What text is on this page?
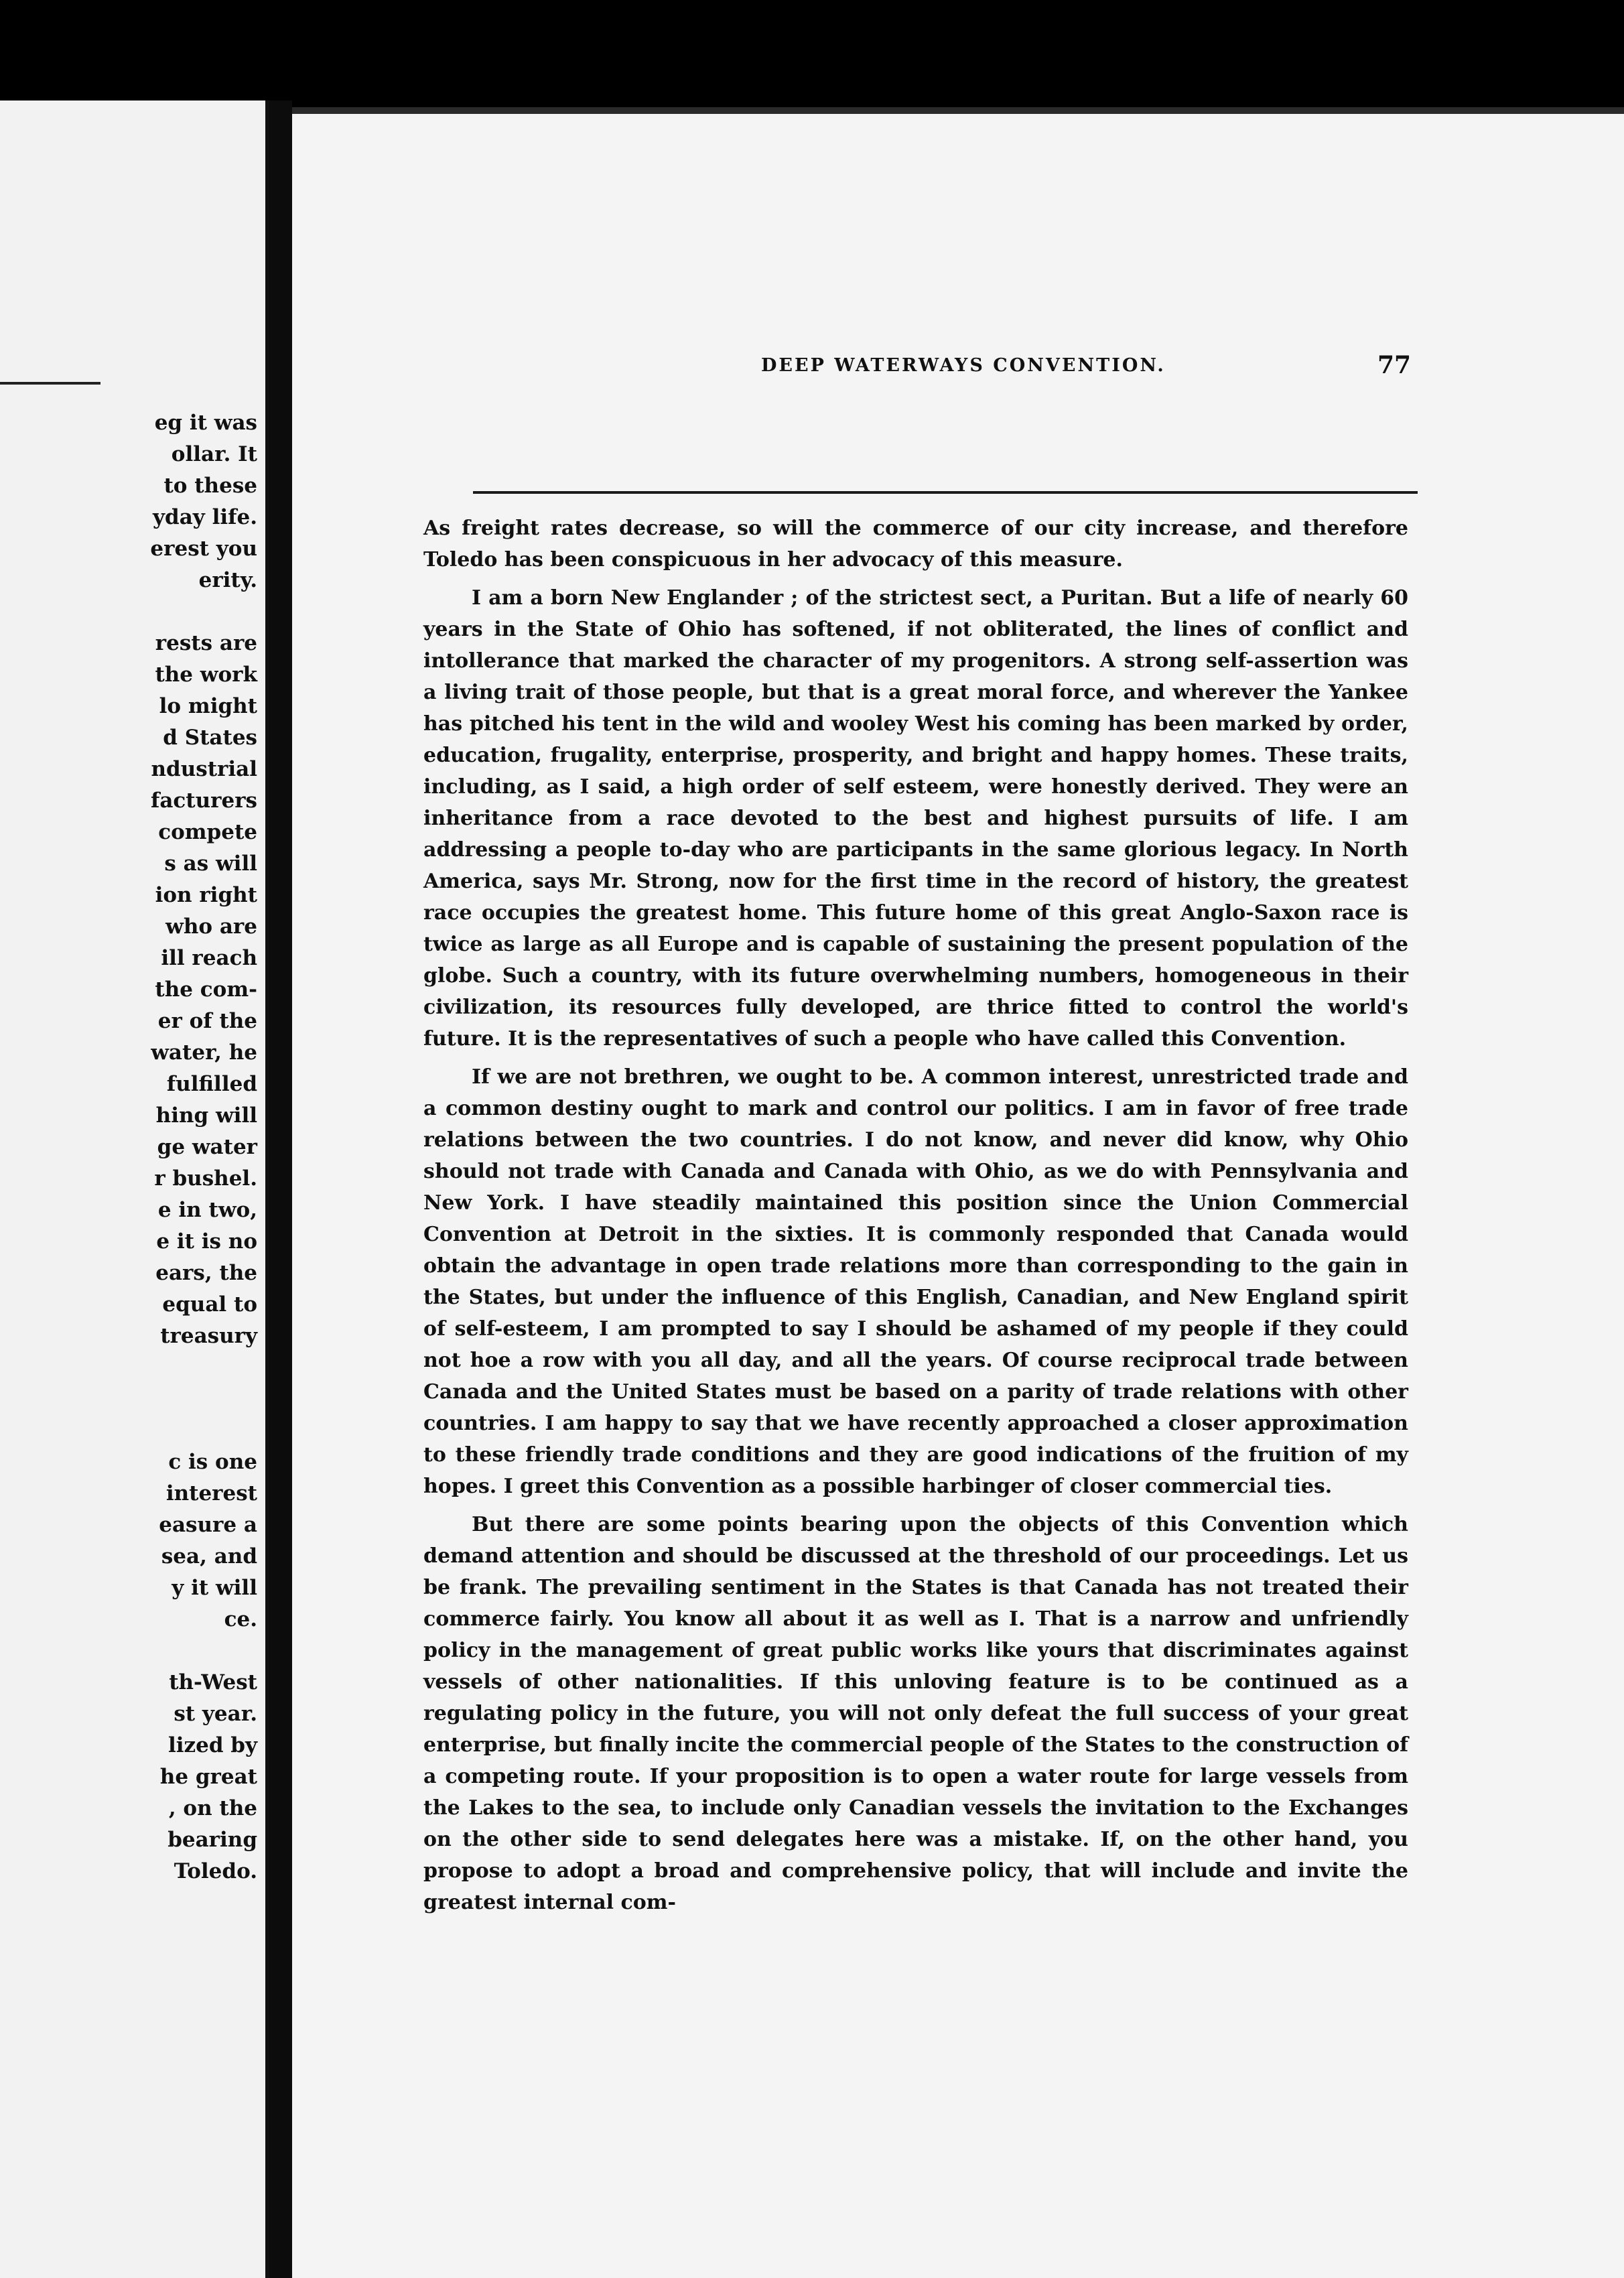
eg it was
ollar. It
to these
yday life.
erest you
erity.
rests are
the work
lo might
d States
ndustrial
facturers
compete
s as will
ion right
who are
ill reach
the com-
er of the
water, he
fulfilled
hing will
ge water
r bushel.
e in two,
e it is no
ears, the
equal to
treasury
c is one
interest
easure a
sea, and
y it will
ce.
th-West
st year.
lized by
he great
, on the
bearing
Toledo.
DEEP WATERWAYS CONVENTION.	77

As freight rates decrease, so will the commerce of our city increase, and therefore Toledo has been conspicuous in her advocacy of this measure.

I am a born New Englander ; of the strictest sect, a Puritan. But a life of nearly 60 years in the State of Ohio has softened, if not obliterated, the lines of conflict and intollerance that marked the character of my progenitors. A strong self-assertion was a living trait of those people, but that is a great moral force, and wherever the Yankee has pitched his tent in the wild and wooley West his coming has been marked by order, education, frugality, enterprise, prosperity, and bright and happy homes. These traits, including, as I said, a high order of self esteem, were honestly derived. They were an inheritance from a race devoted to the best and highest pursuits of life. I am addressing a people to-day who are participants in the same glorious legacy. In North America, says Mr. Strong, now for the first time in the record of history, the greatest race occupies the greatest home. This future home of this great Anglo-Saxon race is twice as large as all Europe and is capable of sustaining the present population of the globe. Such a country, with its future overwhelming numbers, homogeneous in their civilization, its resources fully developed, are thrice fitted to control the world's future. It is the representatives of such a people who have called this Convention.

If we are not brethren, we ought to be. A common interest, unrestricted trade and a common destiny ought to mark and control our politics. I am in favor of free trade relations between the two countries. I do not know, and never did know, why Ohio should not trade with Canada and Canada with Ohio, as we do with Pennsylvania and New York. I have steadily maintained this position since the Union Commercial Convention at Detroit in the sixties. It is commonly responded that Canada would obtain the advantage in open trade relations more than corresponding to the gain in the States, but under the influence of this English, Canadian, and New England spirit of self-esteem, I am prompted to say I should be ashamed of my people if they could not hoe a row with you all day, and all the years. Of course reciprocal trade between Canada and the United States must be based on a parity of trade relations with other countries. I am happy to say that we have recently approached a closer approximation to these friendly trade conditions and they are good indications of the fruition of my hopes. I greet this Convention as a possible harbinger of closer commercial ties.

But there are some points bearing upon the objects of this Convention which demand attention and should be discussed at the threshold of our proceedings. Let us be frank. The prevailing sentiment in the States is that Canada has not treated their commerce fairly. You know all about it as well as I. That is a narrow and unfriendly policy in the management of great public works like yours that discriminates against vessels of other nationalities. If this unloving feature is to be continued as a regulating policy in the future, you will not only defeat the full success of your great enterprise, but finally incite the commercial people of the States to the construction of a competing route. If your proposition is to open a water route for large vessels from the Lakes to the sea, to include only Canadian vessels the invitation to the Exchanges on the other side to send delegates here was a mistake. If, on the other hand, you propose to adopt a broad and comprehensive policy, that will include and invite the greatest internal com-
